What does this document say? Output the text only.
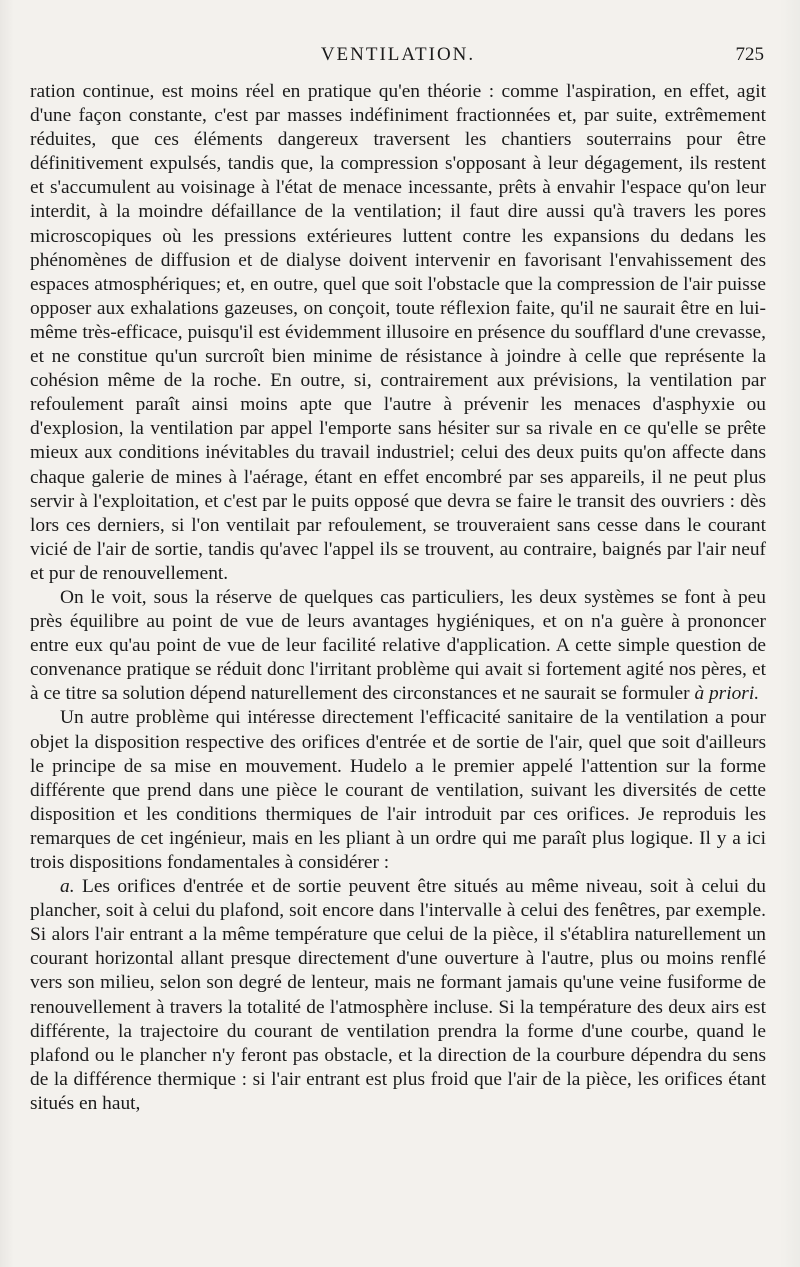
VENTILATION.	725

ration continue, est moins réel en pratique qu'en théorie : comme l'aspiration, en effet, agit d'une façon constante, c'est par masses indéfiniment fractionnées et, par suite, extrêmement réduites, que ces éléments dangereux traversent les chantiers souterrains pour être définitivement expulsés, tandis que, la compression s'opposant à leur dégagement, ils restent et s'accumulent au voisinage à l'état de menace incessante, prêts à envahir l'espace qu'on leur interdit, à la moindre défaillance de la ventilation; il faut dire aussi qu'à travers les pores microscopiques où les pressions extérieures luttent contre les expansions du dedans les phénomènes de diffusion et de dialyse doivent intervenir en favorisant l'envahissement des espaces atmosphériques; et, en outre, quel que soit l'obstacle que la compression de l'air puisse opposer aux exhalations gazeuses, on conçoit, toute réflexion faite, qu'il ne saurait être en lui-même très-efficace, puisqu'il est évidemment illusoire en présence du soufflard d'une crevasse, et ne constitue qu'un surcroît bien minime de résistance à joindre à celle que représente la cohésion même de la roche. En outre, si, contrairement aux prévisions, la ventilation par refoulement paraît ainsi moins apte que l'autre à prévenir les menaces d'asphyxie ou d'explosion, la ventilation par appel l'emporte sans hésiter sur sa rivale en ce qu'elle se prête mieux aux conditions inévitables du travail industriel; celui des deux puits qu'on affecte dans chaque galerie de mines à l'aérage, étant en effet encombré par ses appareils, il ne peut plus servir à l'exploitation, et c'est par le puits opposé que devra se faire le transit des ouvriers : dès lors ces derniers, si l'on ventilait par refoulement, se trouveraient sans cesse dans le courant vicié de l'air de sortie, tandis qu'avec l'appel ils se trouvent, au contraire, baignés par l'air neuf et pur de renouvellement.

On le voit, sous la réserve de quelques cas particuliers, les deux systèmes se font à peu près équilibre au point de vue de leurs avantages hygiéniques, et on n'a guère à prononcer entre eux qu'au point de vue de leur facilité relative d'application. A cette simple question de convenance pratique se réduit donc l'irritant problème qui avait si fortement agité nos pères, et à ce titre sa solution dépend naturellement des circonstances et ne saurait se formuler à priori.

Un autre problème qui intéresse directement l'efficacité sanitaire de la ventilation a pour objet la disposition respective des orifices d'entrée et de sortie de l'air, quel que soit d'ailleurs le principe de sa mise en mouvement. Hudelo a le premier appelé l'attention sur la forme différente que prend dans une pièce le courant de ventilation, suivant les diversités de cette disposition et les conditions thermiques de l'air introduit par ces orifices. Je reproduis les remarques de cet ingénieur, mais en les pliant à un ordre qui me paraît plus logique. Il y a ici trois dispositions fondamentales à considérer :

a. Les orifices d'entrée et de sortie peuvent être situés au même niveau, soit à celui du plancher, soit à celui du plafond, soit encore dans l'intervalle à celui des fenêtres, par exemple. Si alors l'air entrant a la même température que celui de la pièce, il s'établira naturellement un courant horizontal allant presque directement d'une ouverture à l'autre, plus ou moins renflé vers son milieu, selon son degré de lenteur, mais ne formant jamais qu'une veine fusiforme de renouvellement à travers la totalité de l'atmosphère incluse. Si la température des deux airs est différente, la trajectoire du courant de ventilation prendra la forme d'une courbe, quand le plafond ou le plancher n'y feront pas obstacle, et la direction de la courbure dépendra du sens de la différence thermique : si l'air entrant est plus froid que l'air de la pièce, les orifices étant situés en haut,
